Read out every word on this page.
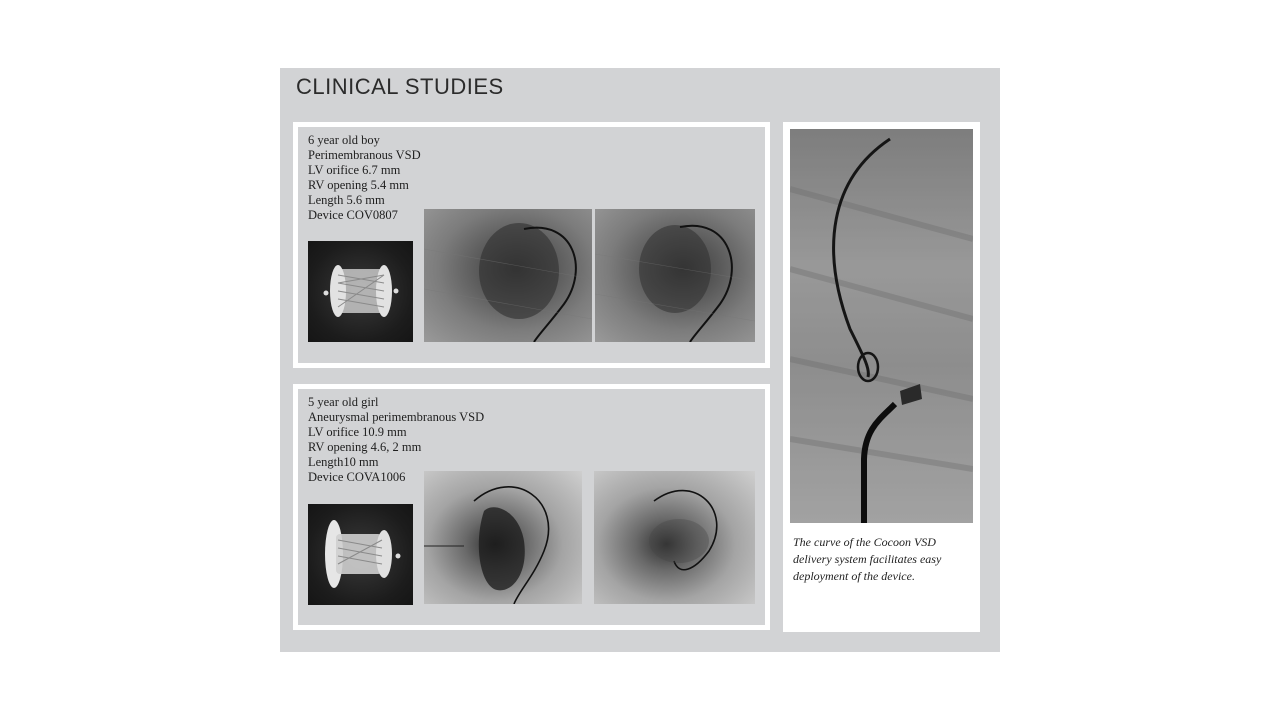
CLINICAL STUDIES
6 year old boy
Perimembranous VSD
LV orifice 6.7 mm
RV opening 5.4 mm
Length 5.6 mm
Device COV0807
5 year old girl
Aneurysmal perimembranous VSD
LV orifice 10.9 mm
RV opening 4.6, 2 mm
Length10 mm
Device COVA1006

The curve of the Cocoon VSD delivery system facilitates easy deployment of the device.
